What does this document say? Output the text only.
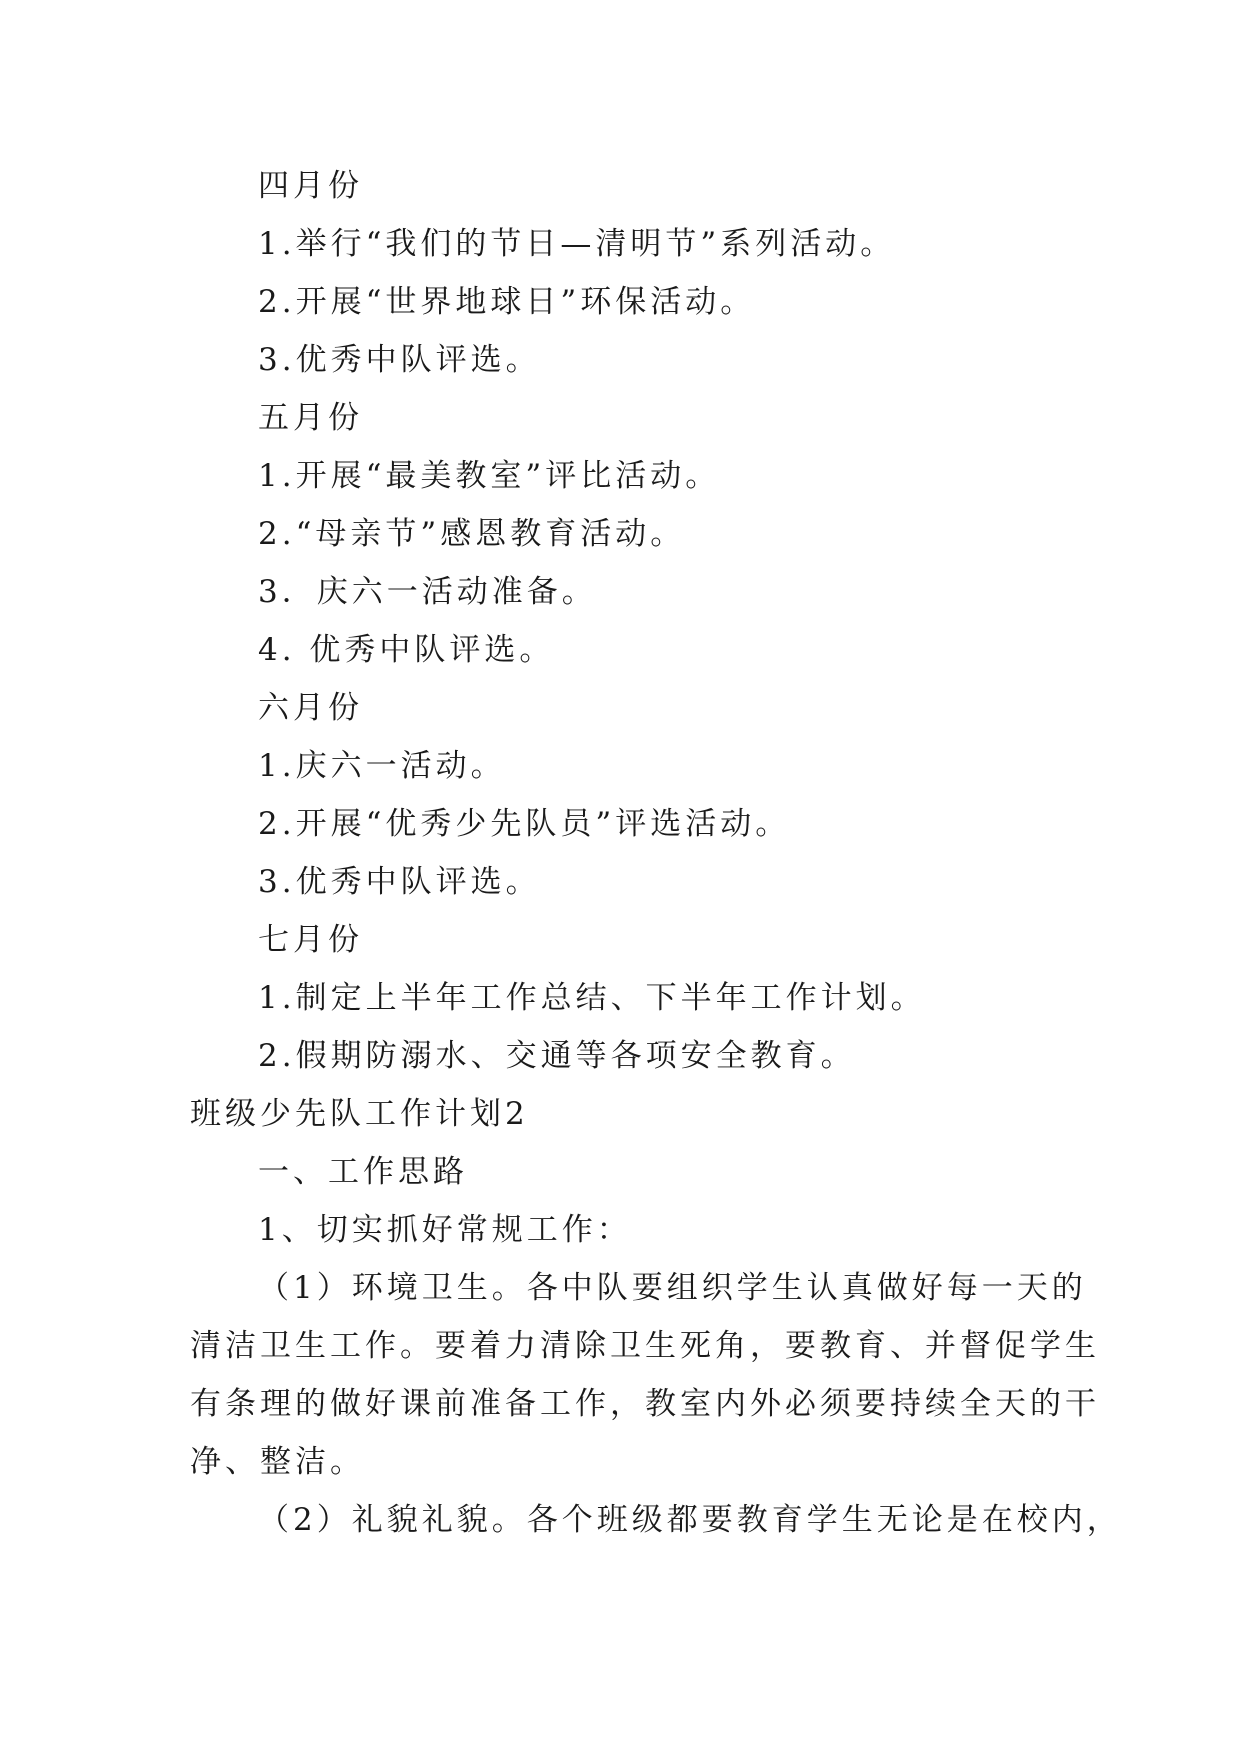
四月份
1.举行“我们的节日—清明节”系列活动。
2.开展“世界地球日”环保活动。
3.优秀中队评选。
五月份
1.开展“最美教室”评比活动。
2.“母亲节”感恩教育活动。
3．庆六一活动准备。
4. 优秀中队评选。
六月份
1.庆六一活动。
2.开展“优秀少先队员”评选活动。
3.优秀中队评选。
七月份
1.制定上半年工作总结、下半年工作计划。
2.假期防溺水、交通等各项安全教育。
班级少先队工作计划2
一、工作思路
1、切实抓好常规工作：
（1）环境卫生。各中队要组织学生认真做好每一天的
清洁卫生工作。要着力清除卫生死角，要教育、并督促学生
有条理的做好课前准备工作，教室内外必须要持续全天的干
净、整洁。
（2）礼貌礼貌。各个班级都要教育学生无论是在校内，
